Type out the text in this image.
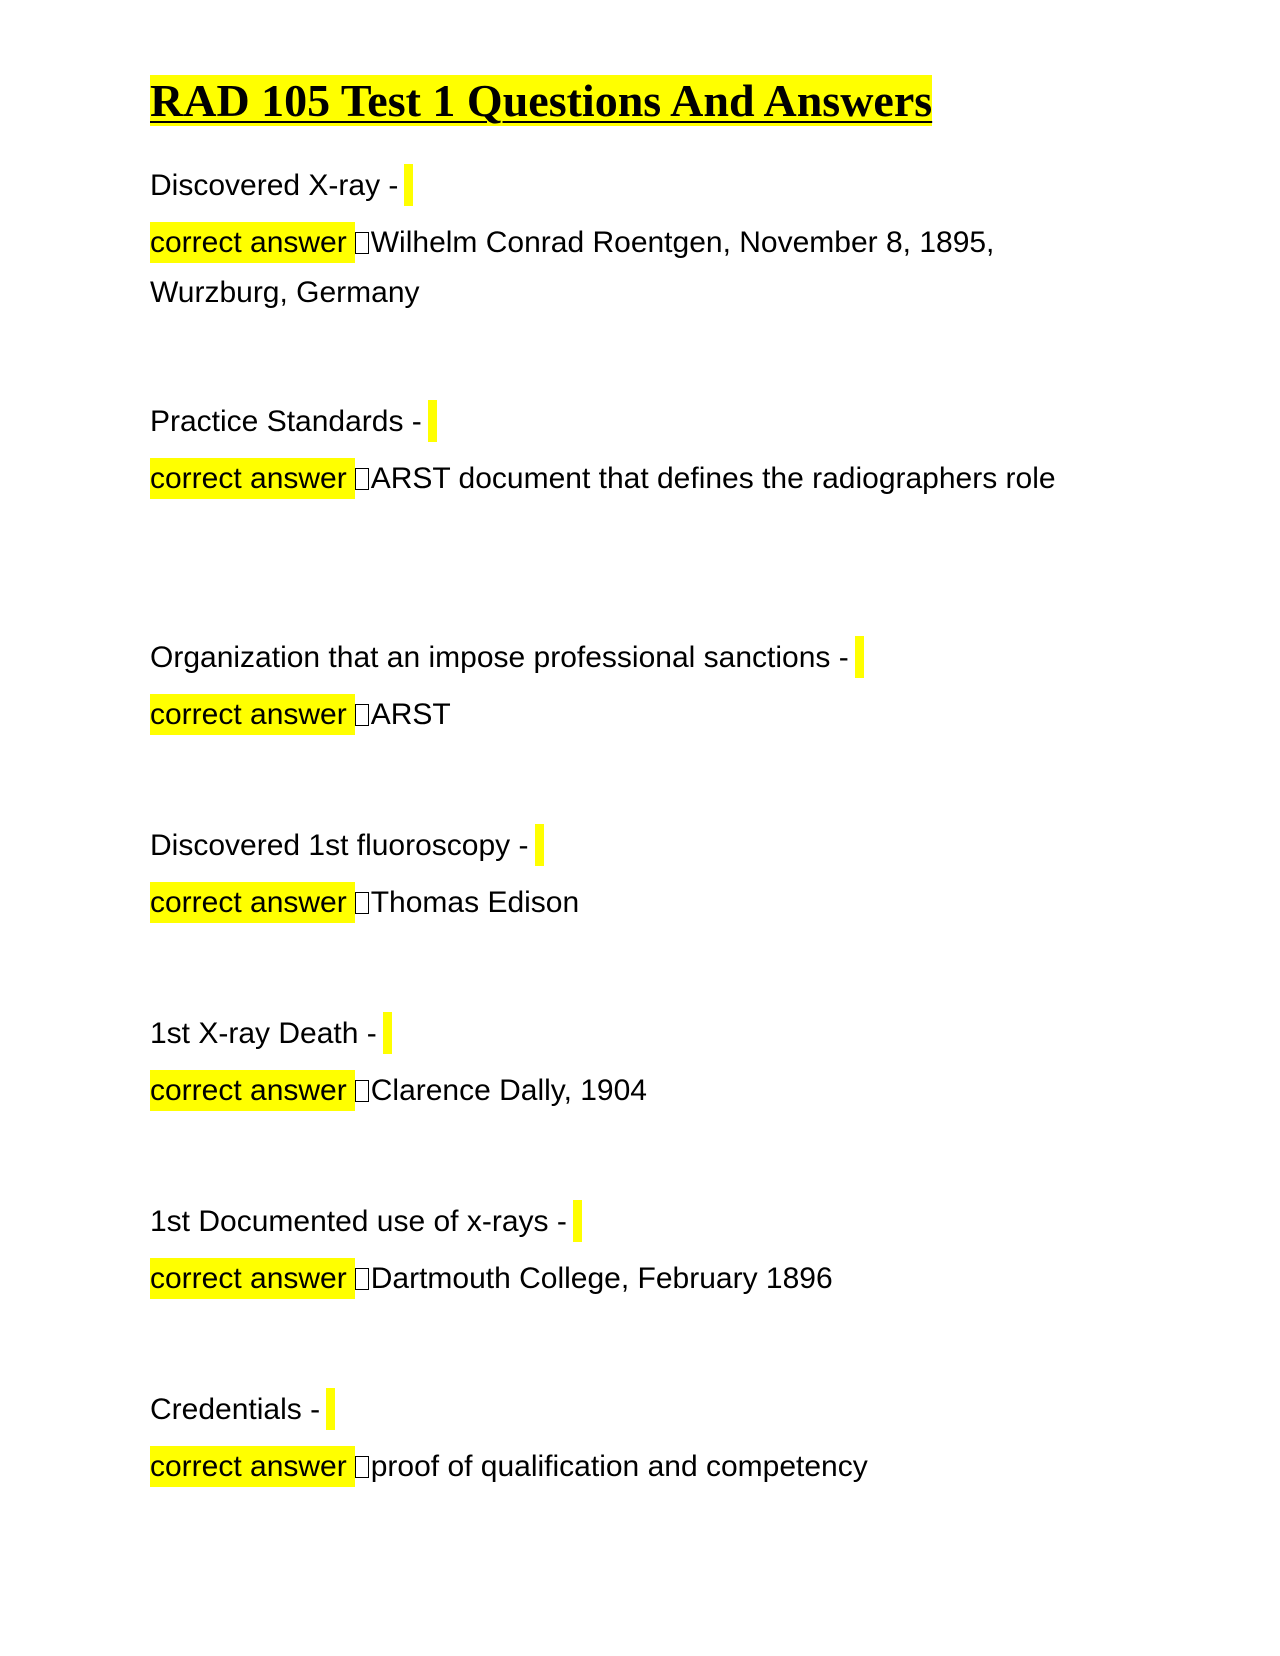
RAD 105 Test 1 Questions And Answers

Discovered X-ray -

correct answer Wilhelm Conrad Roentgen, November 8, 1895, Wurzburg, Germany

Practice Standards -

correct answer ARST document that defines the radiographers role

Organization that an impose professional sanctions -

correct answer ARST

Discovered 1st fluoroscopy -

correct answer Thomas Edison

1st X-ray Death -

correct answer Clarence Dally, 1904

1st Documented use of x-rays -

correct answer Dartmouth College, February 1896

Credentials -

correct answer proof of qualification and competency
